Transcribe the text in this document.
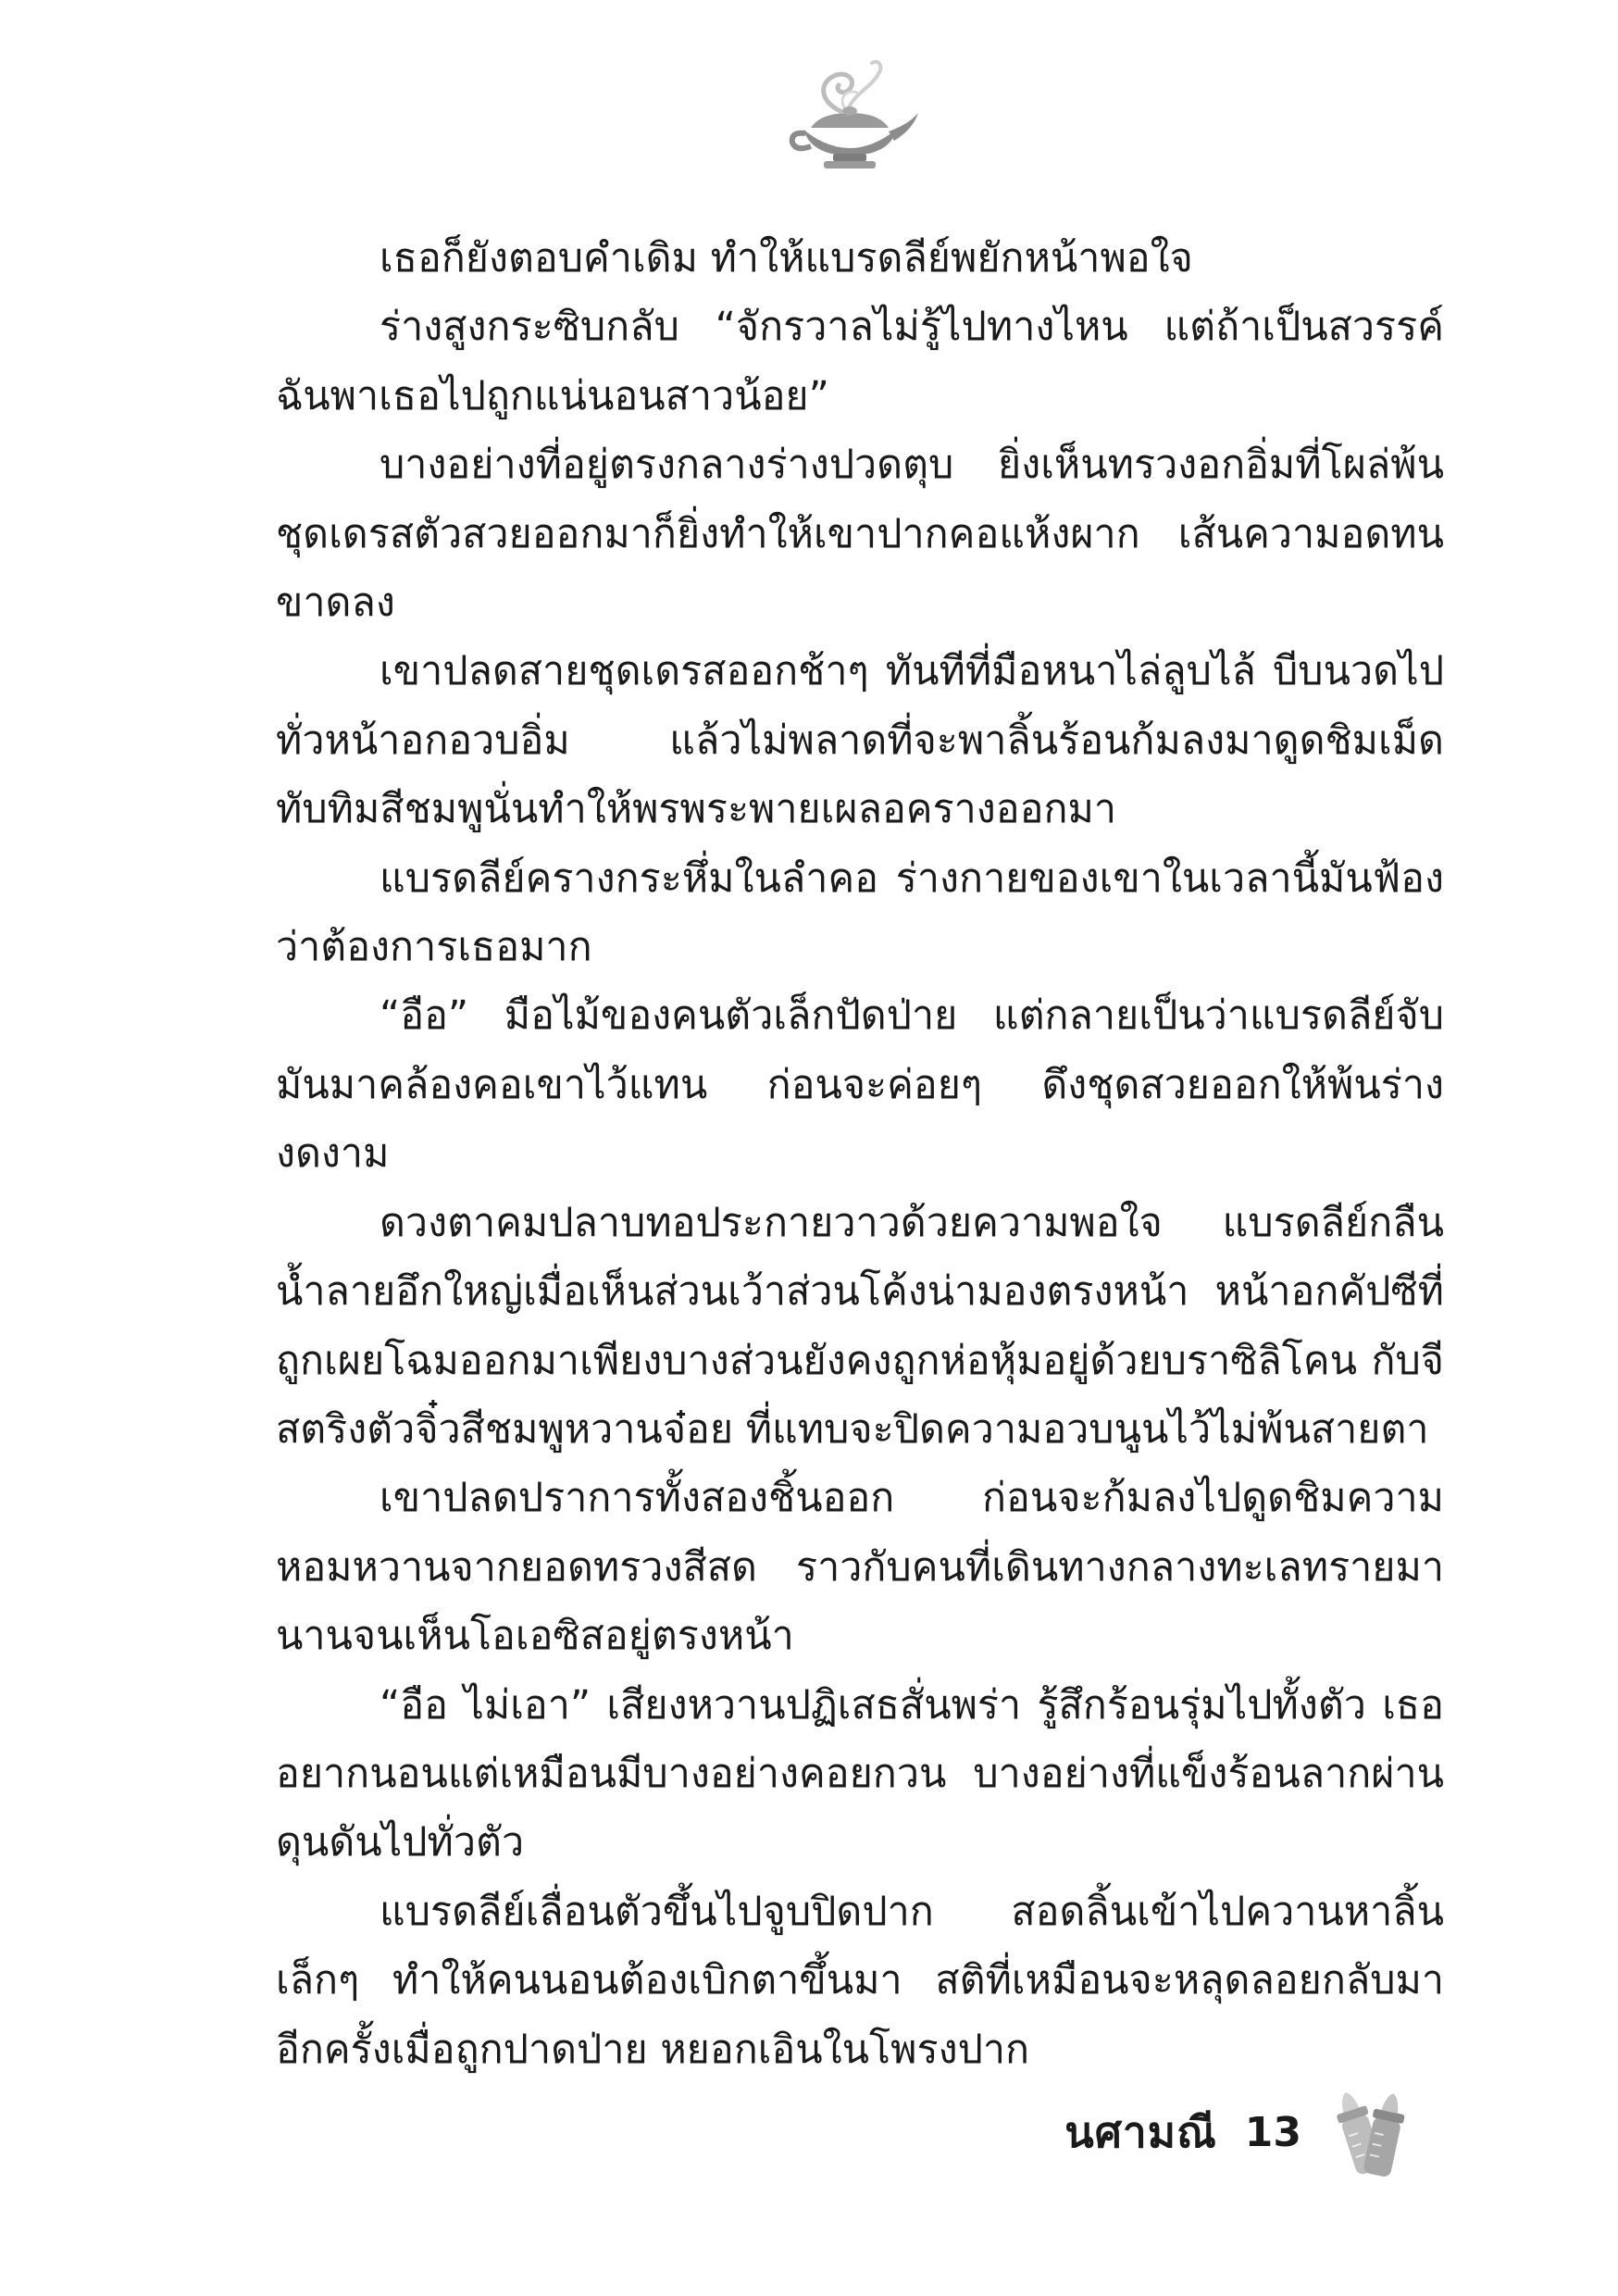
เธอก็ยังตอบคำเดิม ทำให้แบรดลีย์พยักหน้าพอใจ

ร่างสูงกระซิบกลับ “จักรวาลไม่รู้ไปทางไหน แต่ถ้าเป็นสวรรค์ ฉันพาเธอไปถูกแน่นอนสาวน้อย”

บางอย่างที่อยู่ตรงกลางร่างปวดตุบ ยิ่งเห็นทรวงอกอิ่มที่โผล่พ้นชุดเดรสตัวสวยออกมาก็ยิ่งทำให้เขาปากคอแห้งผาก เส้นความอดทนขาดลง

เขาปลดสายชุดเดรสออกช้าๆ ทันทีที่มือหนาไล่ลูบไล้ บีบนวดไปทั่วหน้าอกอวบอิ่ม แล้วไม่พลาดที่จะพาลิ้นร้อนก้มลงมาดูดชิมเม็ดทับทิมสีชมพูนั่นทำให้พรพระพายเผลอครางออกมา

แบรดลีย์ครางกระหึ่มในลำคอ ร่างกายของเขาในเวลานี้มันฟ้องว่าต้องการเธอมาก

“อือ” มือไม้ของคนตัวเล็กปัดป่าย แต่กลายเป็นว่าแบรดลีย์จับมันมาคล้องคอเขาไว้แทน ก่อนจะค่อยๆ ดึงชุดสวยออกให้พ้นร่างงดงาม

ดวงตาคมปลาบทอประกายวาวด้วยความพอใจ แบรดลีย์กลืนน้ำลายอึกใหญ่เมื่อเห็นส่วนเว้าส่วนโค้งน่ามองตรงหน้า หน้าอกคัปซีที่ถูกเผยโฉมออกมาเพียงบางส่วนยังคงถูกห่อหุ้มอยู่ด้วยบราซิลิโคน กับจีสตริงตัวจิ๋วสีชมพูหวานจ๋อย ที่แทบจะปิดความอวบนูนไว้ไม่พ้นสายตา

เขาปลดปราการทั้งสองชิ้นออก ก่อนจะก้มลงไปดูดชิมความหอมหวานจากยอดทรวงสีสด ราวกับคนที่เดินทางกลางทะเลทรายมานานจนเห็นโอเอซิสอยู่ตรงหน้า

“อือ ไม่เอา” เสียงหวานปฏิเสธสั่นพร่า รู้สึกร้อนรุ่มไปทั้งตัว เธออยากนอนแต่เหมือนมีบางอย่างคอยกวน บางอย่างที่แข็งร้อนลากผ่านดุนดันไปทั่วตัว

แบรดลีย์เลื่อนตัวขึ้นไปจูบปิดปาก สอดลิ้นเข้าไปควานหาลิ้นเล็กๆ ทำให้คนนอนต้องเบิกตาขึ้นมา สติที่เหมือนจะหลุดลอยกลับมาอีกครั้งเมื่อถูกปาดป่าย หยอกเอินในโพรงปาก

นศามณี 13
